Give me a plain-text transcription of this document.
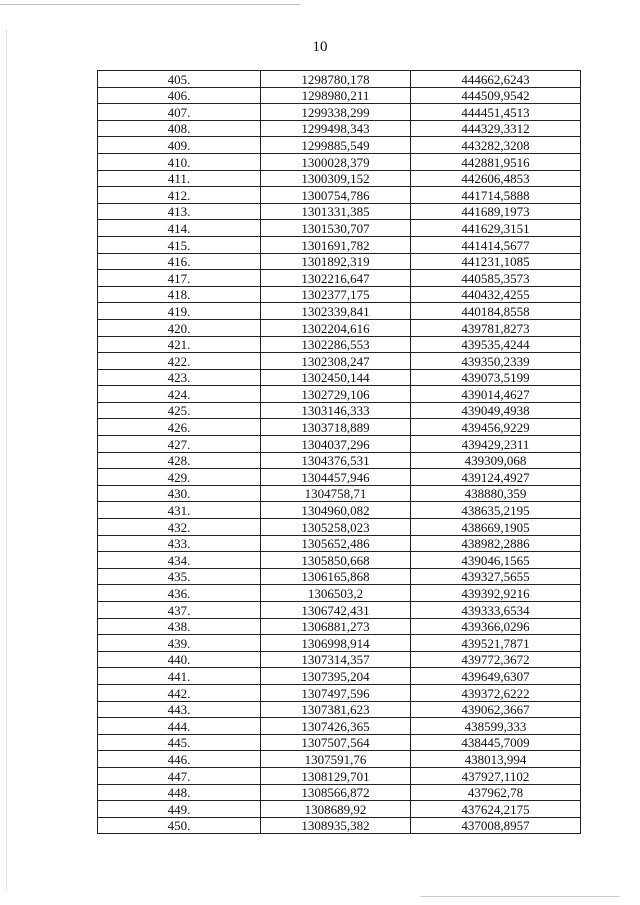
10
405.	1298780,178	444662,6243
406.	1298980,211	444509,9542
407.	1299338,299	444451,4513
408.	1299498,343	444329,3312
409.	1299885,549	443282,3208
410.	1300028,379	442881,9516
411.	1300309,152	442606,4853
412.	1300754,786	441714,5888
413.	1301331,385	441689,1973
414.	1301530,707	441629,3151
415.	1301691,782	441414,5677
416.	1301892,319	441231,1085
417.	1302216,647	440585,3573
418.	1302377,175	440432,4255
419.	1302339,841	440184,8558
420.	1302204,616	439781,8273
421.	1302286,553	439535,4244
422.	1302308,247	439350,2339
423.	1302450,144	439073,5199
424.	1302729,106	439014,4627
425.	1303146,333	439049,4938
426.	1303718,889	439456,9229
427.	1304037,296	439429,2311
428.	1304376,531	439309,068
429.	1304457,946	439124,4927
430.	1304758,71	438880,359
431.	1304960,082	438635,2195
432.	1305258,023	438669,1905
433.	1305652,486	438982,2886
434.	1305850,668	439046,1565
435.	1306165,868	439327,5655
436.	1306503,2	439392,9216
437.	1306742,431	439333,6534
438.	1306881,273	439366,0296
439.	1306998,914	439521,7871
440.	1307314,357	439772,3672
441.	1307395,204	439649,6307
442.	1307497,596	439372,6222
443.	1307381,623	439062,3667
444.	1307426,365	438599,333
445.	1307507,564	438445,7009
446.	1307591,76	438013,994
447.	1308129,701	437927,1102
448.	1308566,872	437962,78
449.	1308689,92	437624,2175
450.	1308935,382	437008,8957
